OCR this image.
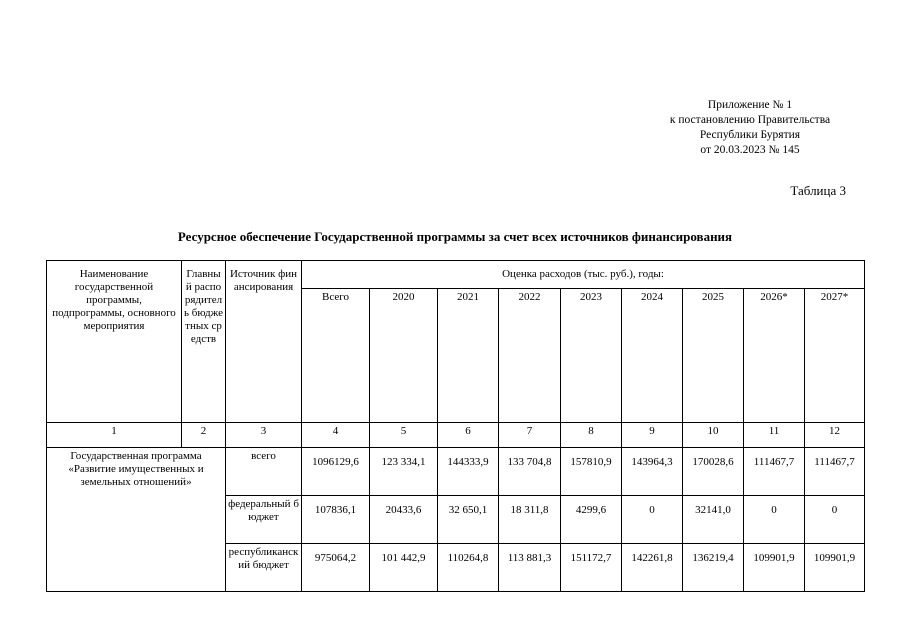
Приложение № 1
к постановлению Правительства
Республики Бурятия
от 20.03.2023 № 145
Таблица 3
Ресурсное обеспечение Государственной программы за счет всех источников финансирования
Наименование государственной программы, подпрограммы, основного мероприятия	Главный распорядитель бюджетных средств	Источник финансирования	Оценка расходов (тыс. руб.), годы:								
			Всего	2020	2021	2022	2023	2024	2025	2026*	2027*
1	2	3	4	5	6	7	8	9	10	11	12
Государственная программа «Развитие имущественных и земельных отношений»		всего	1096129,6	123 334,1	144333,9	133 704,8	157810,9	143964,3	170028,6	111467,7	111467,7
		федеральный бюджет	107836,1	20433,6	32 650,1	18 311,8	4299,6	0	32141,0	0	0
		республиканский бюджет	975064,2	101 442,9	110264,8	113 881,3	151172,7	142261,8	136219,4	109901,9	109901,9
